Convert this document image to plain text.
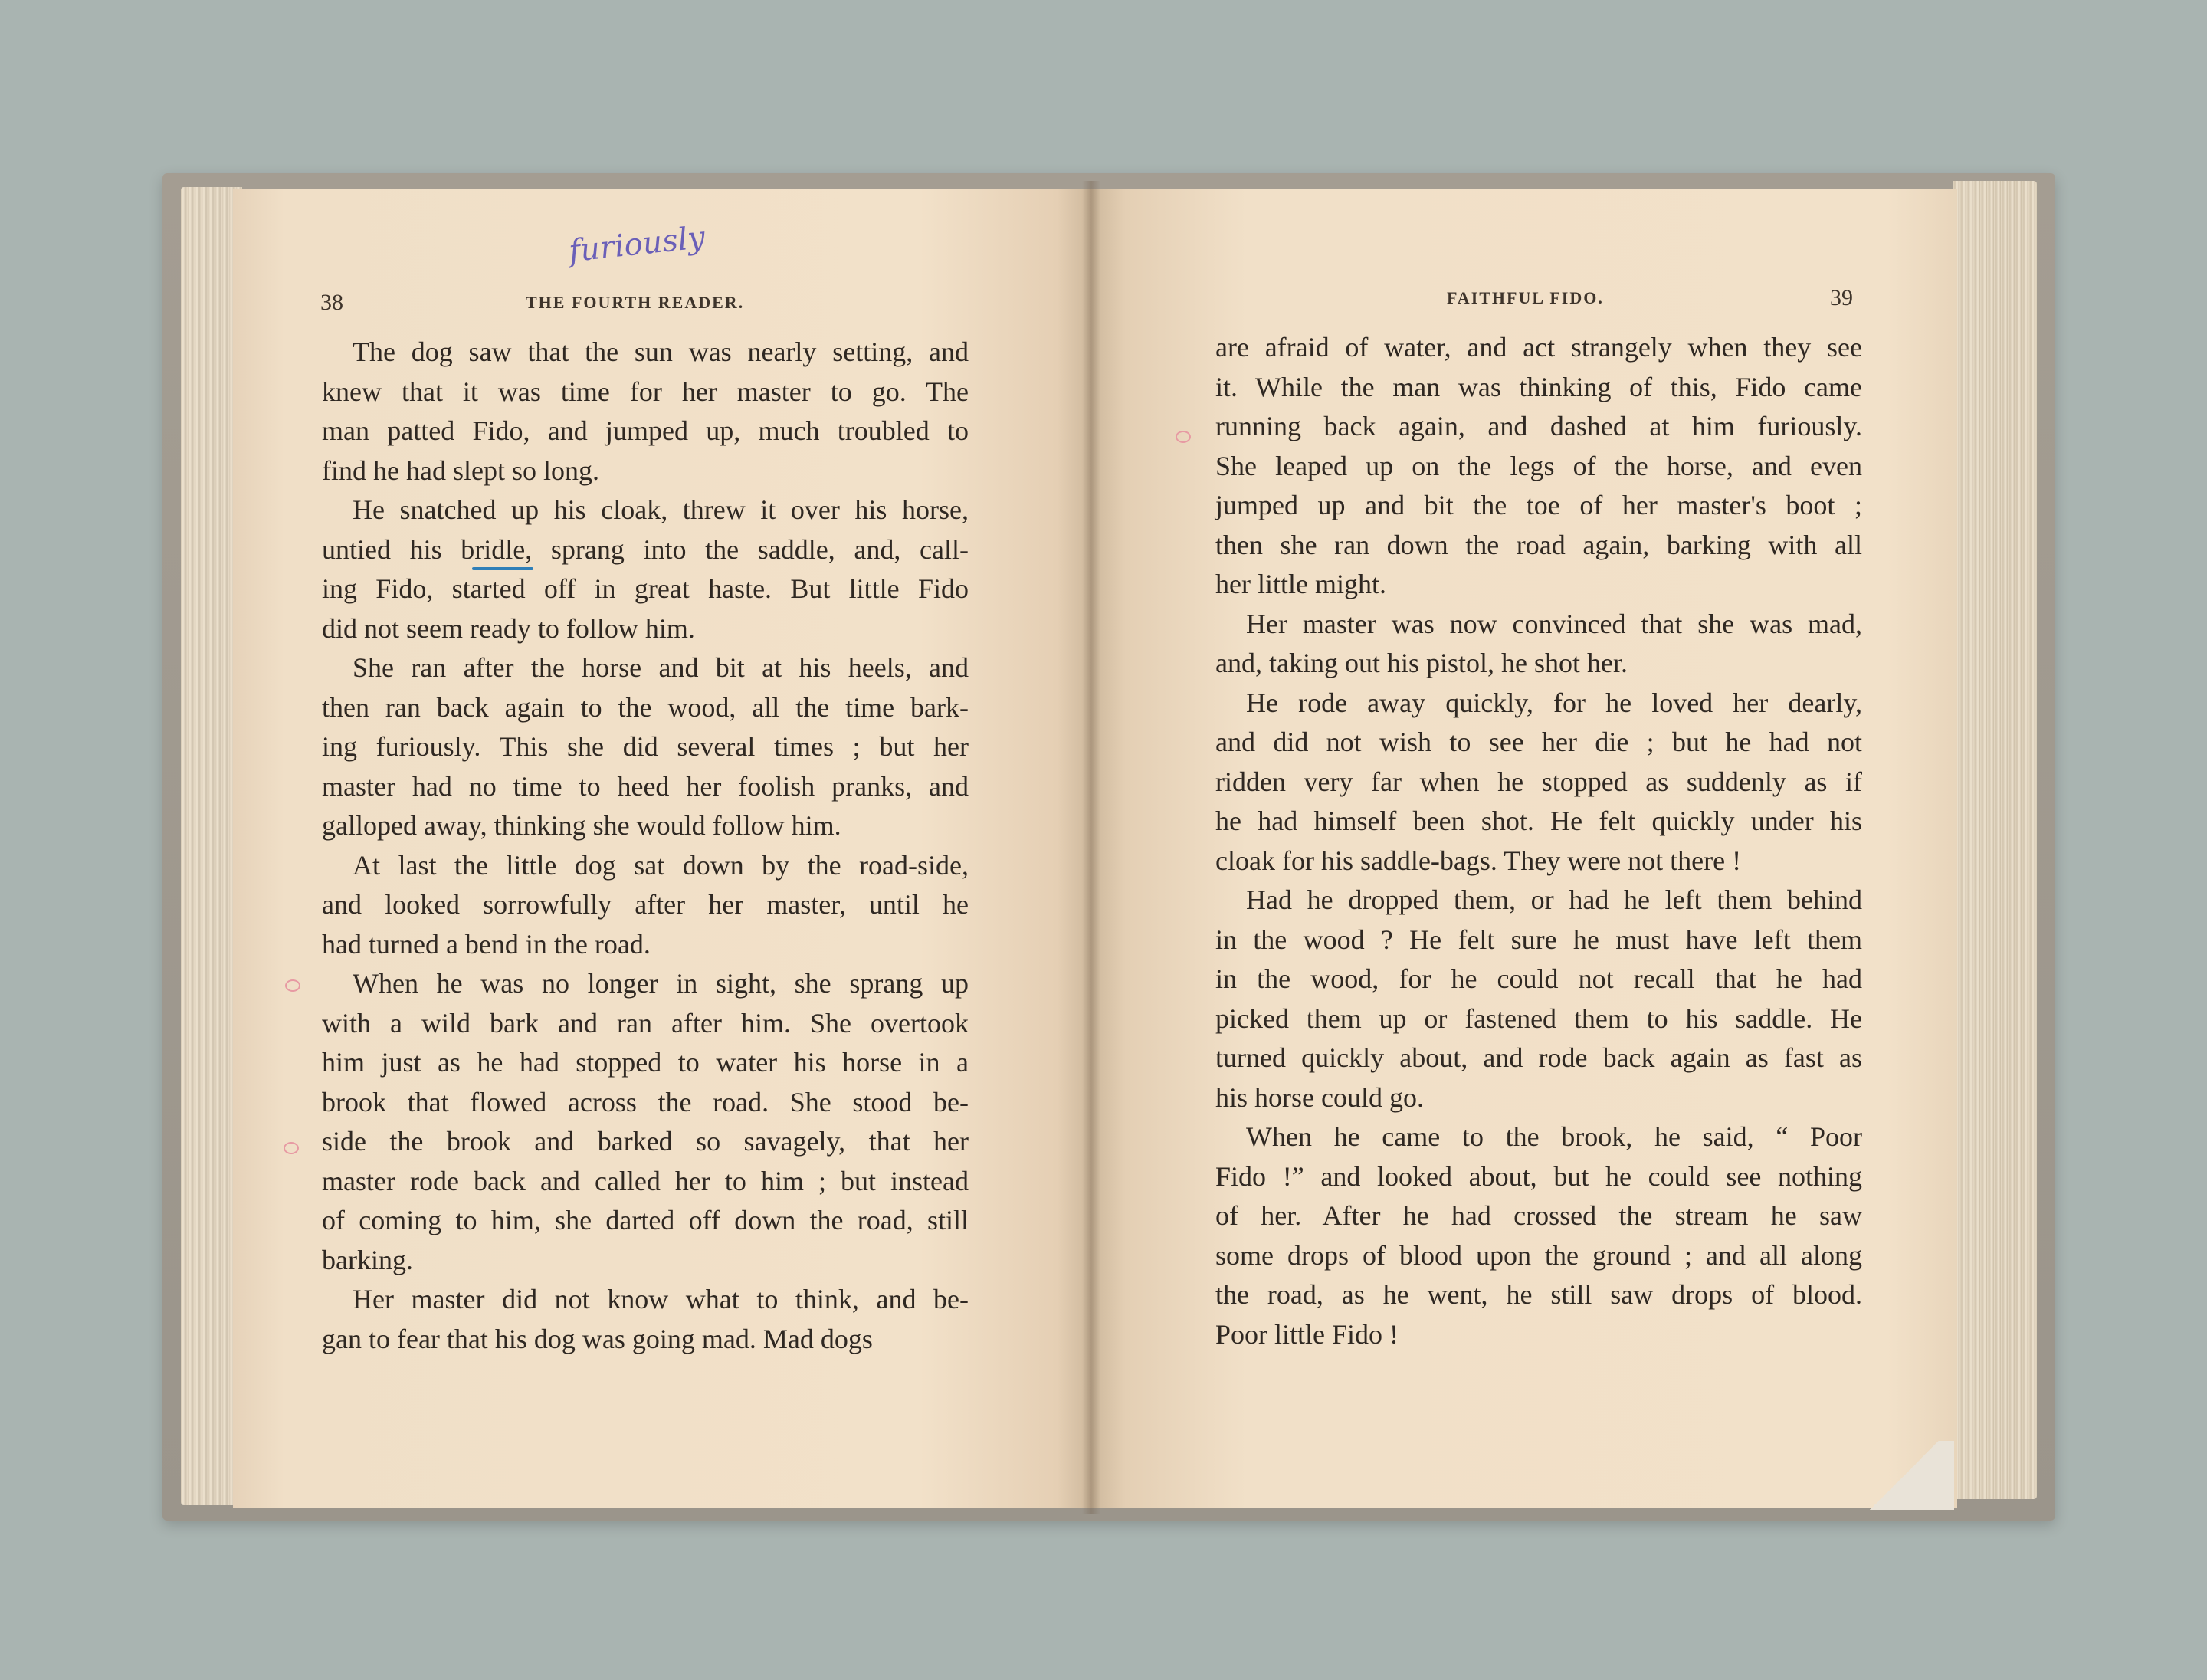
38	THE FOURTH READER.
furiously

The dog saw that the sun was nearly setting, and
knew that it was time for her master to go. The
man patted Fido, and jumped up, much troubled to
find he had slept so long.

He snatched up his cloak, threw it over his horse,
untied his bridle, sprang into the saddle, and, call-
ing Fido, started off in great haste. But little Fido
did not seem ready to follow him.

She ran after the horse and bit at his heels, and
then ran back again to the wood, all the time bark-
ing furiously. This she did several times ; but her
master had no time to heed her foolish pranks, and
galloped away, thinking she would follow him.

At last the little dog sat down by the road-side,
and looked sorrowfully after her master, until he
had turned a bend in the road.

When he was no longer in sight, she sprang up
with a wild bark and ran after him. She overtook
him just as he had stopped to water his horse in a
brook that flowed across the road. She stood be-
side the brook and barked so savagely, that her
master rode back and called her to him ; but instead
of coming to him, she darted off down the road, still
barking.

Her master did not know what to think, and be-
gan to fear that his dog was going mad. Mad dogs

FAITHFUL FIDO.	39

are afraid of water, and act strangely when they see
it. While the man was thinking of this, Fido came
running back again, and dashed at him furiously.
She leaped up on the legs of the horse, and even
jumped up and bit the toe of her master's boot ;
then she ran down the road again, barking with all
her little might.

Her master was now convinced that she was mad,
and, taking out his pistol, he shot her.

He rode away quickly, for he loved her dearly,
and did not wish to see her die ; but he had not
ridden very far when he stopped as suddenly as if
he had himself been shot. He felt quickly under his
cloak for his saddle-bags. They were not there !

Had he dropped them, or had he left them behind
in the wood ? He felt sure he must have left them
in the wood, for he could not recall that he had
picked them up or fastened them to his saddle. He
turned quickly about, and rode back again as fast as
his horse could go.

When he came to the brook, he said, “ Poor
Fido !” and looked about, but he could see nothing
of her. After he had crossed the stream he saw
some drops of blood upon the ground ; and all along
the road, as he went, he still saw drops of blood.
Poor little Fido !
